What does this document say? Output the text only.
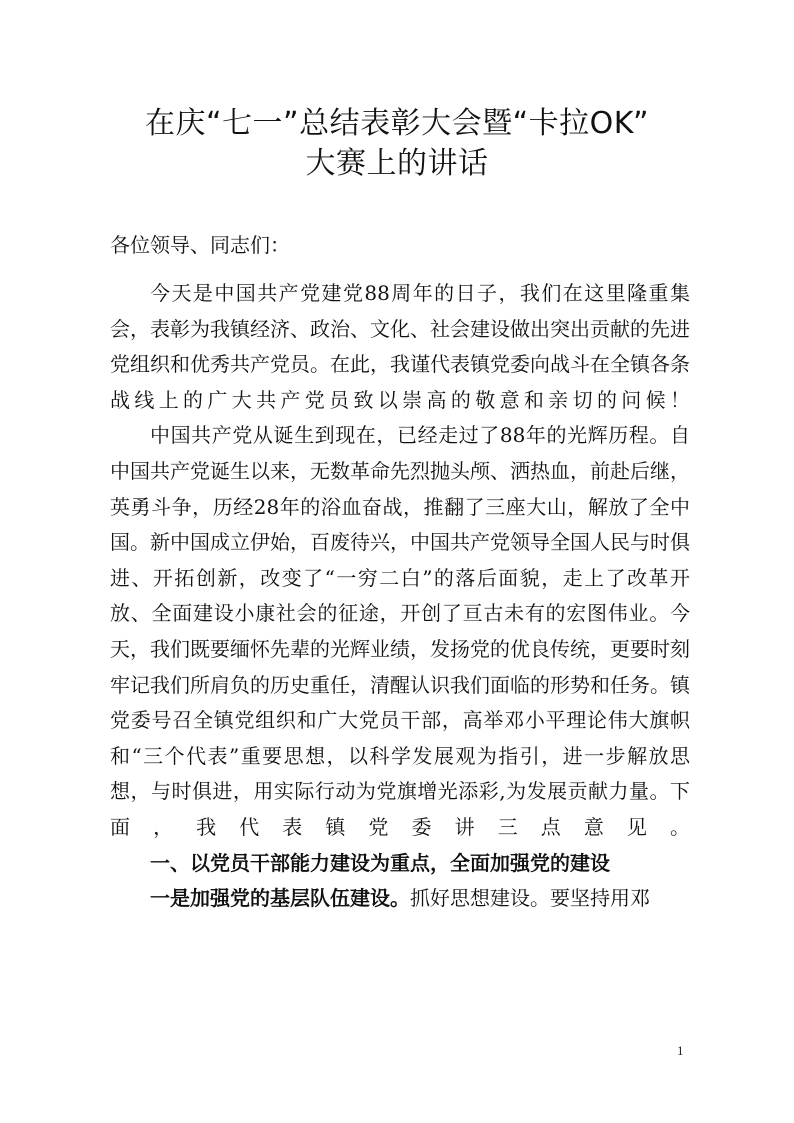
在庆“七一”总结表彰大会暨“卡拉OK”
大赛上的讲话
各位领导、同志们：

今天是中国共产党建党88周年的日子，我们在这里隆重集会，表彰为我镇经济、政治、文化、社会建设做出突出贡献的先进党组织和优秀共产党员。在此，我谨代表镇党委向战斗在全镇各条战线上的广大共产党员致以崇高的敬意和亲切的问候！

中国共产党从诞生到现在，已经走过了88年的光辉历程。自中国共产党诞生以来，无数革命先烈抛头颅、洒热血，前赴后继，英勇斗争，历经28年的浴血奋战，推翻了三座大山，解放了全中国。新中国成立伊始，百废待兴，中国共产党领导全国人民与时俱进、开拓创新，改变了“一穷二白”的落后面貌，走上了改革开放、全面建设小康社会的征途，开创了亘古未有的宏图伟业。今天，我们既要缅怀先辈的光辉业绩，发扬党的优良传统，更要时刻牢记我们所肩负的历史重任，清醒认识我们面临的形势和任务。镇党委号召全镇党组织和广大党员干部，高举邓小平理论伟大旗帜和“三个代表”重要思想，以科学发展观为指引，进一步解放思想，与时俱进，用实际行动为党旗增光添彩,为发展贡献力量。下面，我代表镇党委讲三点意见。

一、以党员干部能力建设为重点，全面加强党的建设

一是加强党的基层队伍建设。抓好思想建设。要坚持用邓

1
